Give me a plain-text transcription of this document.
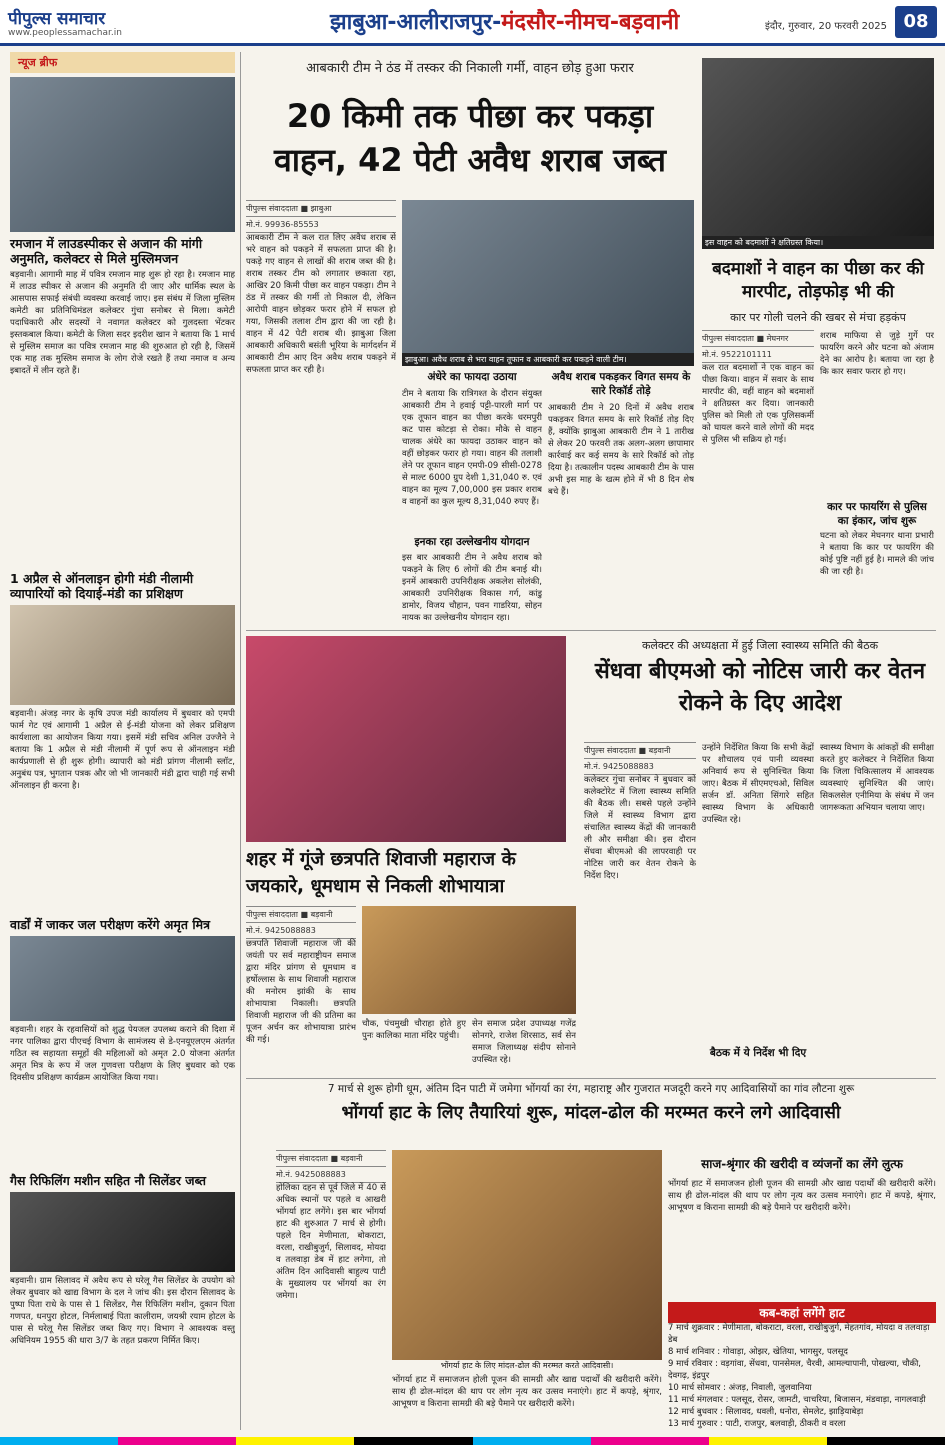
पीपुल्स समाचार
www.peoplessamachar.in	झाबुआ-आलीराजपुर-मंदसौर-नीमच-बड़वानी	इंदौर, गुरुवार, 20 फरवरी 2025 08
न्यूज ब्रीफ
रमजान में लाउडस्पीकर से अजान की मांगी अनुमति, कलेक्टर से मिले मुस्लिमजन
बड़वानी। आगामी माह में पवित्र रमजान माह शुरू हो रहा है। रमजान माह में लाउड स्पीकर से अजान की अनुमति दी जाए और धार्मिक स्थल के आसपास सफाई संबंधी व्यवस्था करवाई जाए। इस संबंध में जिला मुस्लिम कमेटी का प्रतिनिधिमंडल कलेक्टर गुंचा सनोबर से मिला। कमेटी पदाधिकारी और सदस्यों ने नवागत कलेक्टर को गुलदस्ता भेंटकर इस्तकबाल किया। कमेटी के जिला सदर इदरीश खान ने बताया कि 1 मार्च से मुस्लिम समाज का पवित्र रमजान माह की शुरुआत हो रही है, जिसमें एक माह तक मुस्लिम समाज के लोग रोजे रखते हैं तथा नमाज व अन्य इबादतें में लीन रहते हैं।
1 अप्रैल से ऑनलाइन होगी मंडी नीलामी व्यापारियों को दियाई-मंडी का प्रशिक्षण
बड़वानी। अंजड़ नगर के कृषि उपज मंडी कार्यालय में बुधवार को एमपी फार्म गेट एवं आगामी 1 अप्रैल से ई-मंडी योजना को लेकर प्रशिक्षण कार्यशाला का आयोजन किया गया। इसमें मंडी सचिव अनिल उज्जैने ने बताया कि 1 अप्रैल से मंडी नीलामी में पूर्ण रूप से ऑनलाइन मंडी कार्यप्रणाली से ही शुरू होगी। व्यापारी को मंडी प्रांगण नीलामी स्लॉट, अनुबंध पत्र, भुगतान पत्रक और जो भी जानकारी मंडी द्वारा चाही गई सभी ऑनलाइन ही करना है।
वार्डों में जाकर जल परीक्षण करेंगे अमृत मित्र
बड़वानी। शहर के रहवासियों को शुद्ध पेयजल उपलब्ध कराने की दिशा में नगर पालिका द्वारा पीएचई विभाग के सामंजस्य से डे-एनयूएलएम अंतर्गत गठित स्व सहायता समूहों की महिलाओं को अमृत 2.0 योजना अंतर्गत अमृत मित्र के रूप में जल गुणवत्ता परीक्षण के लिए बुधवार को एक दिवसीय प्रशिक्षण कार्यक्रम आयोजित किया गया।
गैस रिफिलिंग मशीन सहित नौ सिलेंडर जब्त
बड़वानी। ग्राम सिलावद में अवैध रूप से घरेलू गैस सिलेंडर के उपयोग को लेकर बुधवार को खाद्य विभाग के दल ने जांच की। इस दौरान सिलावद के पुष्पा पिता राधे के पास से 1 सिलेंडर, गैस रिफिलिंग मशीन, दुकान पिता गणपत, धनपुरा होटल, निर्मलाबाई पिता कालीराम, जयश्री रयाम होटल के पास से घरेलू गैस सिलेंडर जब्त किए गए। विभाग ने आवश्यक वस्तु अधिनियम 1955 की धारा 3/7 के तहत प्रकरण निर्मित किए।
आबकारी टीम ने ठंड में तस्कर की निकाली गर्मी, वाहन छोड़ हुआ फरार
20 किमी तक पीछा कर पकड़ा
वाहन, 42 पेटी अवैध शराब जब्त
पीपुल्स संवाददाता ■ झाबुआ
मो.नं. 99936-85553
आबकारी टीम ने कल रात लिए अवैध शराब से भरे वाहन को पकड़ने में सफलता प्राप्त की है। पकड़े गए वाहन से लाखों की शराब जब्त की है। शराब तस्कर टीम को लगातार छकाता रहा, आखिर 20 किमी पीछा कर वाहन पकड़ा। टीम ने ठंड में तस्कर की गर्मी तो निकाल दी, लेकिन आरोपी वाहन छोड़कर फरार होने में सफल हो गया, जिसकी तलाश टीम द्वारा की जा रही है। वाहन में 42 पेटी शराब थी। झाबुआ जिला आबकारी अधिकारी बसंती भूरिया के मार्गदर्शन में आबकारी टीम आए दिन अवैध शराब पकड़ने में सफलता प्राप्त कर रही है।
झाबुआ। अवैध शराब से भरा वाहन तूफान व आबकारी कर पकड़ने वाली टीम।
अंधेरे का फायदा उठाया
टीम ने बताया कि रात्रिगश्त के दौरान संयुक्त आबकारी टीम ने हवाई पट्टी-पारली मार्ग पर एक तूफान वाहन का पीछा करके धरमपुरी कट पास कोटड़ा से रोका। मौके से वाहन चालक अंधेरे का फायदा उठाकर वाहन को वहीं छोड़कर फरार हो गया। वाहन की तलाशी लेने पर तूफान वाहन एमपी-09 सीसी-0278 से माल्ट 6000 ग्रुप देशी 1,31,040 रु. एवं वाहन का मूल्य 7,00,000 इस प्रकार शराब व वाहनों का कुल मूल्य 8,31,040 रुपए हैं।
इनका रहा उल्लेखनीय योगदान
इस बार आबकारी टीम ने अवैध शराब को पकड़ने के लिए 6 लोगों की टीम बनाई थी। इनमें आबकारी उपनिरीक्षक अकलेश सोलंकी, आबकारी उपनिरीक्षक विकास गर्ग, कांडु डामोर, विजय चौहान, पवन गाडरिया, सोहन नायक का उल्लेखनीय योगदान रहा।
अवैध शराब पकड़कर विगत समय के सारे रिकॉर्ड तोड़े
आबकारी टीम ने 20 दिनों में अवैध शराब पकड़कर विगत समय के सारे रिकॉर्ड तोड़ दिए हैं, क्योंकि झाबुआ आबकारी टीम ने 1 तारीख से लेकर 20 फरवरी तक अलग-अलग छापामार कार्रवाई कर कई समय के सारे रिकॉर्ड को तोड़ दिया है। तत्कालीन पदस्थ आबकारी टीम के पास अभी इस माह के खत्म होने में भी 8 दिन शेष बचे हैं।
इस वाहन को बदमाशों ने क्षतिग्रस्त किया।
बदमाशों ने वाहन का पीछा कर की मारपीट, तोड़फोड़ भी की
कार पर गोली चलने की खबर से मंचा हड़कंप
पीपुल्स संवाददाता ■ मेघनगर
मो.नं. 9522101111
कल रात बदमाशों ने एक वाहन का पीछा किया। वाहन में सवार के साथ मारपीट की, वहीं वाहन को बदमाशों ने क्षतिग्रस्त कर दिया। जानकारी पुलिस को मिली तो एक पुलिसकर्मी को घायल करने वाले लोगों की मदद से पुलिस भी सक्रिय हो गई।
शराब माफिया से जुड़े गुर्गे पर फायरिंग करने और घटना को अंजाम देने का आरोप है। बताया जा रहा है कि कार सवार फरार हो गए।
कार पर फायरिंग से पुलिस का इंकार, जांच शुरू
घटना को लेकर मेघनगर थाना प्रभारी ने बताया कि कार पर फायरिंग की कोई पुष्टि नहीं हुई है। मामले की जांच की जा रही है।
शहर में गूंजे छत्रपति शिवाजी महाराज के जयकारे, धूमधाम से निकली शोभायात्रा
पीपुल्स संवाददाता ■ बड़वानी
मो.नं. 9425088883
छत्रपति शिवाजी महाराज जी की जयंती पर सर्व महाराष्ट्रीयन समाज द्वारा मंदिर प्रांगण से धूमधाम व हर्षोल्लास के साथ शिवाजी महाराज की मनोरम झांकी के साथ शोभायात्रा निकाली। छत्रपति शिवाजी महाराज जी की प्रतिमा का पूजन अर्चन कर शोभायात्रा प्रारंभ की गई।
चौक, पंचमुखी चौराहा होते हुए पुनः कालिका माता मंदिर पहुंची।
सेन समाज प्रदेश उपाध्यक्ष गजेंद्र सोनगरे, राजेश शिरसाठ, सर्व सेन समाज जिलाध्यक्ष संदीप सोनाने उपस्थित रहे।
कलेक्टर की अध्यक्षता में हुई जिला स्वास्थ्य समिति की बैठक
सेंधवा बीएमओ को नोटिस जारी कर वेतन रोकने के दिए आदेश
पीपुल्स संवाददाता ■ बड़वानी
मो.नं. 9425088883
कलेक्टर गुंचा सनोबर ने बुधवार को कलेक्टोरेट में जिला स्वास्थ्य समिति की बैठक ली। सबसे पहले उन्होंने जिले में स्वास्थ्य विभाग द्वारा संचालित स्वास्थ्य केंद्रों की जानकारी ली और समीक्षा की। इस दौरान सेंधवा बीएमओ की लापरवाही पर नोटिस जारी कर वेतन रोकने के निर्देश दिए।
उन्होंने निर्देशित किया कि सभी केंद्रों पर शौचालय एवं पानी व्यवस्था अनिवार्य रूप से सुनिश्चित किया जाए। बैठक में सीएमएचओ, सिविल सर्जन डॉ. अनिता सिंगारे सहित स्वास्थ्य विभाग के अधिकारी उपस्थित रहे।
बैठक में ये निर्देश भी दिए
स्वास्थ्य विभाग के आंकड़ों की समीक्षा करते हुए कलेक्टर ने निर्देशित किया कि जिला चिकित्सालय में आवश्यक व्यवस्थाएं सुनिश्चित की जाएं। सिकलसेल एनीमिया के संबंध में जन जागरूकता अभियान चलाया जाए।
7 मार्च से शुरू होगी धूम, अंतिम दिन पाटी में जमेगा भोंगर्या का रंग, महाराष्ट्र और गुजरात मजदूरी करने गए आदिवासियों का गांव लौटना शुरू
भोंगर्या हाट के लिए तैयारियां शुरू, मांदल-ढोल की मरम्मत करने लगे आदिवासी
पीपुल्स संवाददाता ■ बड़वानी
मो.नं. 9425088883
होलिका दहन से पूर्व जिले में 40 से अधिक स्थानों पर पहले व आखरी भोंगर्या हाट लगेंगे। इस बार भोंगर्या हाट की शुरुआत 7 मार्च से होगी। पहले दिन मेणीमाता, बोकराटा, वरला, राखीबुजुर्ग, सिलावद, मोयदा व तलवाड़ा डेब में हाट लगेगा, तो अंतिम दिन आदिवासी बाहुल्य पाटी के मुख्यालय पर भोंगर्या का रंग जमेगा।
भोंगर्या हाट के लिए मांदल-ढोल की मरम्मत करते आदिवासी।
भोंगर्या हाट में समाजजन होली पूजन की सामग्री और खाद्य पदार्थों की खरीदारी करेंगे। साथ ही ढोल-मांदल की थाप पर लोग नृत्य कर उत्सव मनाएंगे। हाट में कपड़े, श्रृंगार, आभूषण व किराना सामग्री की बड़े पैमाने पर खरीदारी करेंगे।
साज-श्रृंगार की खरीदी व व्यंजनों का लेंगे लुत्फ
भोंगर्या हाट में समाजजन होली पूजन की सामग्री और खाद्य पदार्थों की खरीदारी करेंगे। साथ ही ढोल-मांदल की थाप पर लोग नृत्य कर उत्सव मनाएंगे। हाट में कपड़े, श्रृंगार, आभूषण व किराना सामग्री की बड़े पैमाने पर खरीदारी करेंगे।
कब-कहां लगेंगे हाट
7 मार्च शुक्रवार : मेणीमाता, बोकराटा, वरला, राखीबुजुर्ग, मेहतगांव, मोयदा व तलवाड़ा डेब
8 मार्च शनिवार : गोवाड़ा, ओझर, खेतिया, भागसुर, पलसूद
9 मार्च रविवार : वड़गांवा, सेंधवा, पानसेमल, चैरवी, आमल्यापानी, पोखल्या, चौकी, देवगढ़, इंद्रपुर
10 मार्च सोमवार : अंजड़, निवाली, जुलवानिया
11 मार्च मंगलवार : पलसूद, रोसर, जामटी, चाचरिया, बिजासन, मंडवाड़ा, नागलवाड़ी
12 मार्च बुधवार : सिलावद, धवली, धनोरा, सेमलेट, झाड़ियाबेड़ा
13 मार्च गुरुवार : पाटी, राजपुर, बलवाड़ी, ठीकरी व वरला
